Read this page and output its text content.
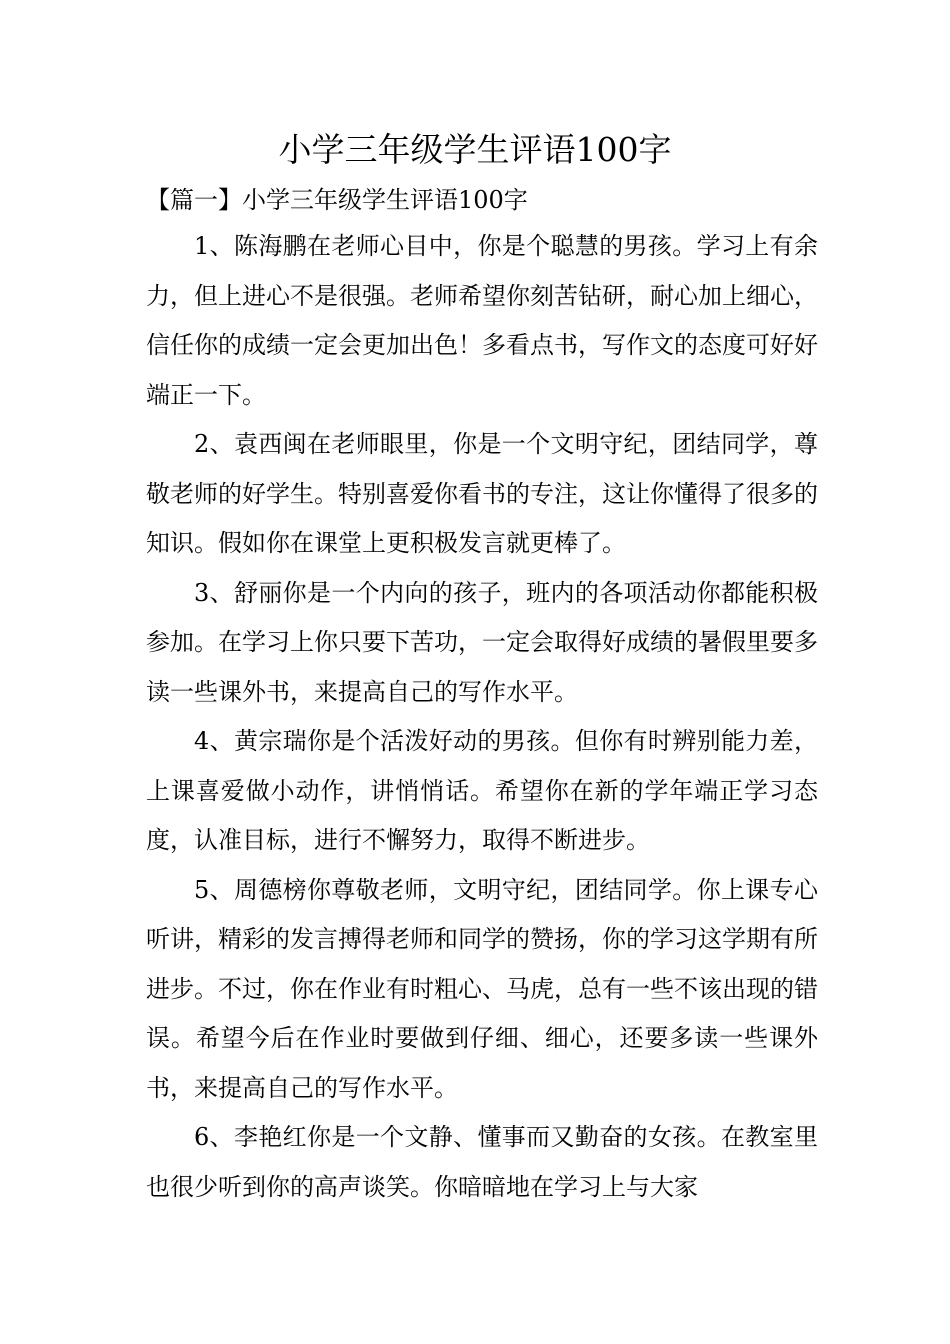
小学三年级学生评语100字
【篇一】小学三年级学生评语100字

1、陈海鹏在老师心目中，你是个聪慧的男孩。学习上有余力，但上进心不是很强。老师希望你刻苦钻研，耐心加上细心，信任你的成绩一定会更加出色！多看点书，写作文的态度可好好端正一下。

2、袁西闽在老师眼里，你是一个文明守纪，团结同学，尊敬老师的好学生。特别喜爱你看书的专注，这让你懂得了很多的知识。假如你在课堂上更积极发言就更棒了。

3、舒丽你是一个内向的孩子，班内的各项活动你都能积极参加。在学习上你只要下苦功，一定会取得好成绩的暑假里要多读一些课外书，来提高自己的写作水平。

4、黄宗瑞你是个活泼好动的男孩。但你有时辨别能力差，上课喜爱做小动作，讲悄悄话。希望你在新的学年端正学习态度，认准目标，进行不懈努力，取得不断进步。

5、周德榜你尊敬老师，文明守纪，团结同学。你上课专心听讲，精彩的发言搏得老师和同学的赞扬，你的学习这学期有所进步。不过，你在作业有时粗心、马虎，总有一些不该出现的错误。希望今后在作业时要做到仔细、细心，还要多读一些课外书，来提高自己的写作水平。

6、李艳红你是一个文静、懂事而又勤奋的女孩。在教室里也很少听到你的高声谈笑。你暗暗地在学习上与大家
